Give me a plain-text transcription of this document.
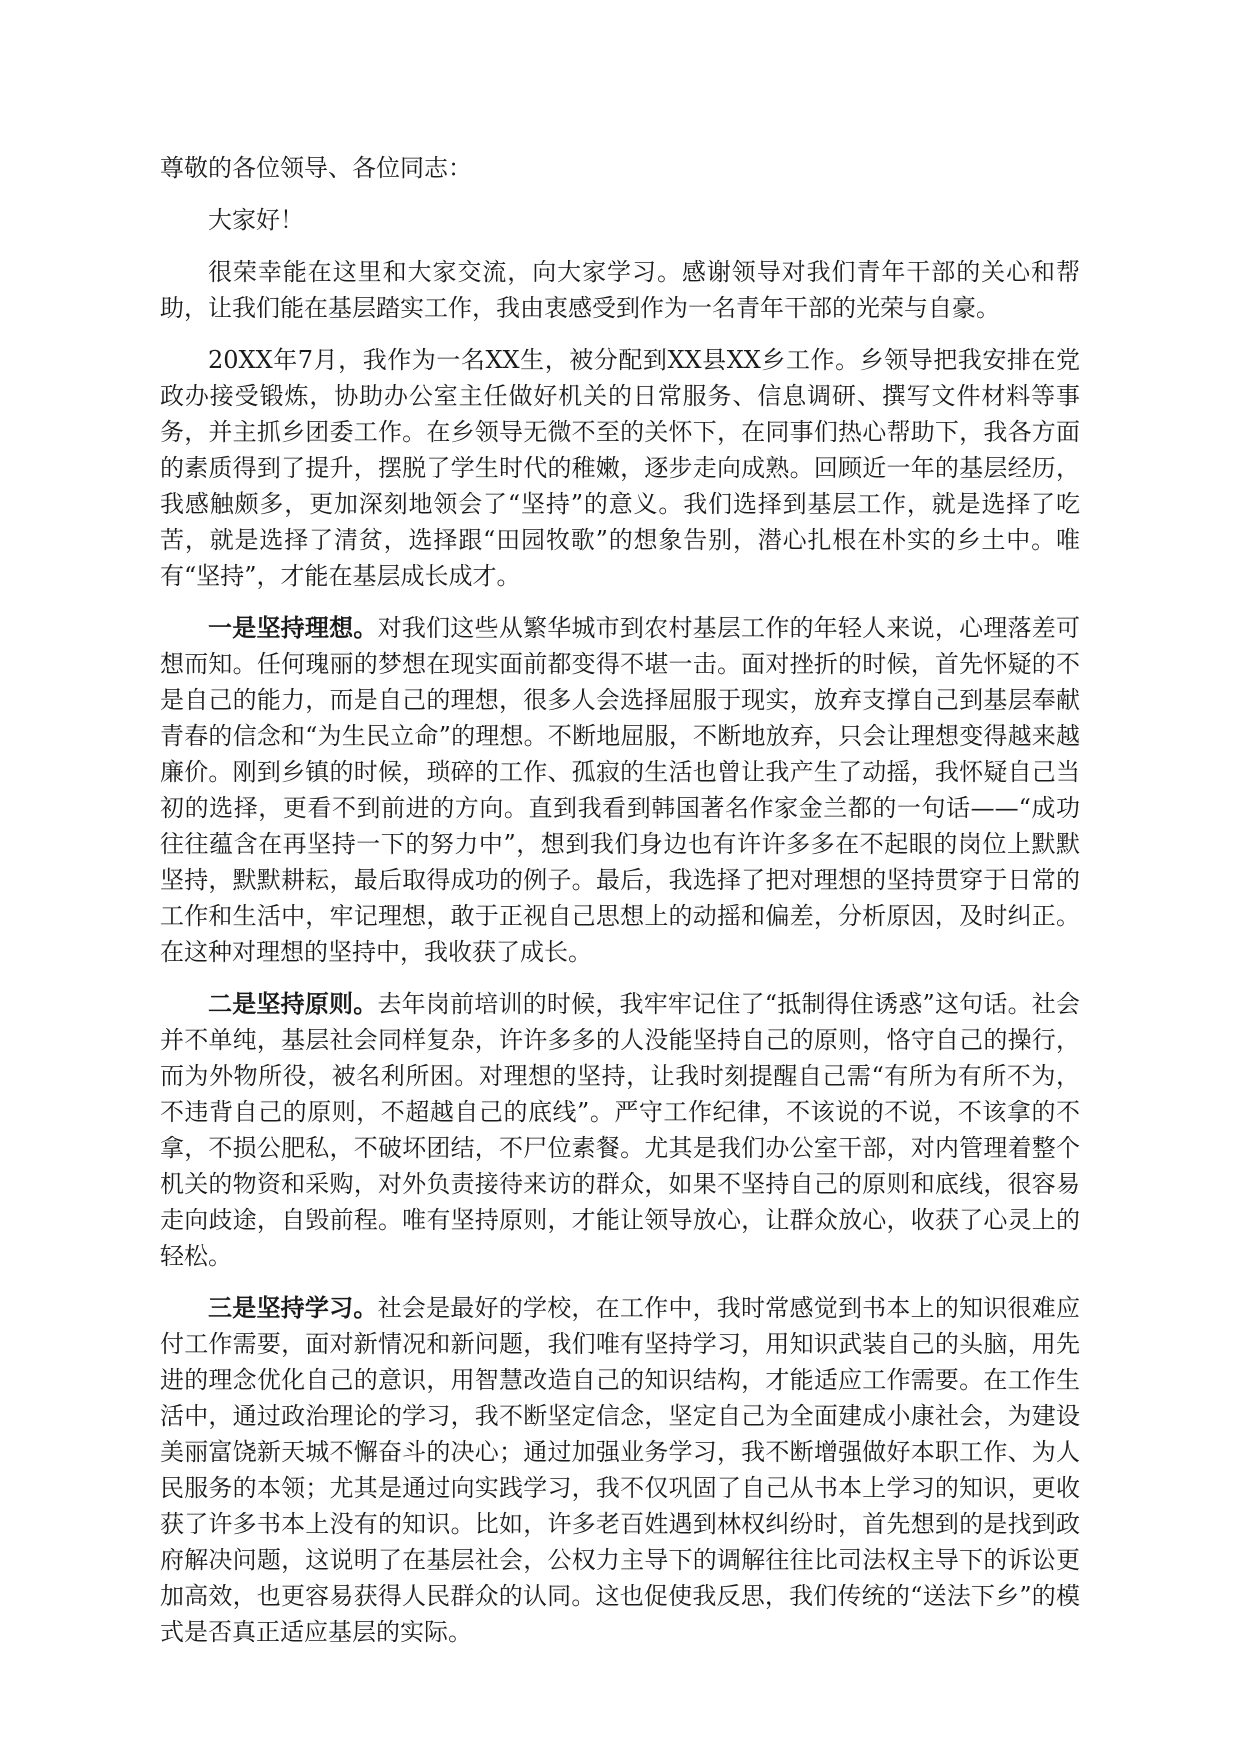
尊敬的各位领导、各位同志：

大家好！

很荣幸能在这里和大家交流，向大家学习。感谢领导对我们青年干部的关心和帮助，让我们能在基层踏实工作，我由衷感受到作为一名青年干部的光荣与自豪。

20XX年7月，我作为一名XX生，被分配到XX县XX乡工作。乡领导把我安排在党政办接受锻炼，协助办公室主任做好机关的日常服务、信息调研、撰写文件材料等事务，并主抓乡团委工作。在乡领导无微不至的关怀下，在同事们热心帮助下，我各方面的素质得到了提升，摆脱了学生时代的稚嫩，逐步走向成熟。回顾近一年的基层经历，我感触颇多，更加深刻地领会了“坚持”的意义。我们选择到基层工作，就是选择了吃苦，就是选择了清贫，选择跟“田园牧歌”的想象告别，潜心扎根在朴实的乡土中。唯有“坚持”，才能在基层成长成才。

一是坚持理想。对我们这些从繁华城市到农村基层工作的年轻人来说，心理落差可想而知。任何瑰丽的梦想在现实面前都变得不堪一击。面对挫折的时候，首先怀疑的不是自己的能力，而是自己的理想，很多人会选择屈服于现实，放弃支撑自己到基层奉献青春的信念和“为生民立命”的理想。不断地屈服，不断地放弃，只会让理想变得越来越廉价。刚到乡镇的时候，琐碎的工作、孤寂的生活也曾让我产生了动摇，我怀疑自己当初的选择，更看不到前进的方向。直到我看到韩国著名作家金兰都的一句话——“成功往往蕴含在再坚持一下的努力中”，想到我们身边也有许许多多在不起眼的岗位上默默坚持，默默耕耘，最后取得成功的例子。最后，我选择了把对理想的坚持贯穿于日常的工作和生活中，牢记理想，敢于正视自己思想上的动摇和偏差，分析原因，及时纠正。在这种对理想的坚持中，我收获了成长。

二是坚持原则。去年岗前培训的时候，我牢牢记住了“抵制得住诱惑”这句话。社会并不单纯，基层社会同样复杂，许许多多的人没能坚持自己的原则，恪守自己的操行，而为外物所役，被名利所困。对理想的坚持，让我时刻提醒自己需“有所为有所不为，不违背自己的原则，不超越自己的底线”。严守工作纪律，不该说的不说，不该拿的不拿，不损公肥私，不破坏团结，不尸位素餐。尤其是我们办公室干部，对内管理着整个机关的物资和采购，对外负责接待来访的群众，如果不坚持自己的原则和底线，很容易走向歧途，自毁前程。唯有坚持原则，才能让领导放心，让群众放心，收获了心灵上的轻松。

三是坚持学习。社会是最好的学校，在工作中，我时常感觉到书本上的知识很难应付工作需要，面对新情况和新问题，我们唯有坚持学习，用知识武装自己的头脑，用先进的理念优化自己的意识，用智慧改造自己的知识结构，才能适应工作需要。在工作生活中，通过政治理论的学习，我不断坚定信念，坚定自己为全面建成小康社会，为建设美丽富饶新天城不懈奋斗的决心；通过加强业务学习，我不断增强做好本职工作、为人民服务的本领；尤其是通过向实践学习，我不仅巩固了自己从书本上学习的知识，更收获了许多书本上没有的知识。比如，许多老百姓遇到林权纠纷时，首先想到的是找到政府解决问题，这说明了在基层社会，公权力主导下的调解往往比司法权主导下的诉讼更加高效，也更容易获得人民群众的认同。这也促使我反思，我们传统的“送法下乡”的模式是否真正适应基层的实际。
